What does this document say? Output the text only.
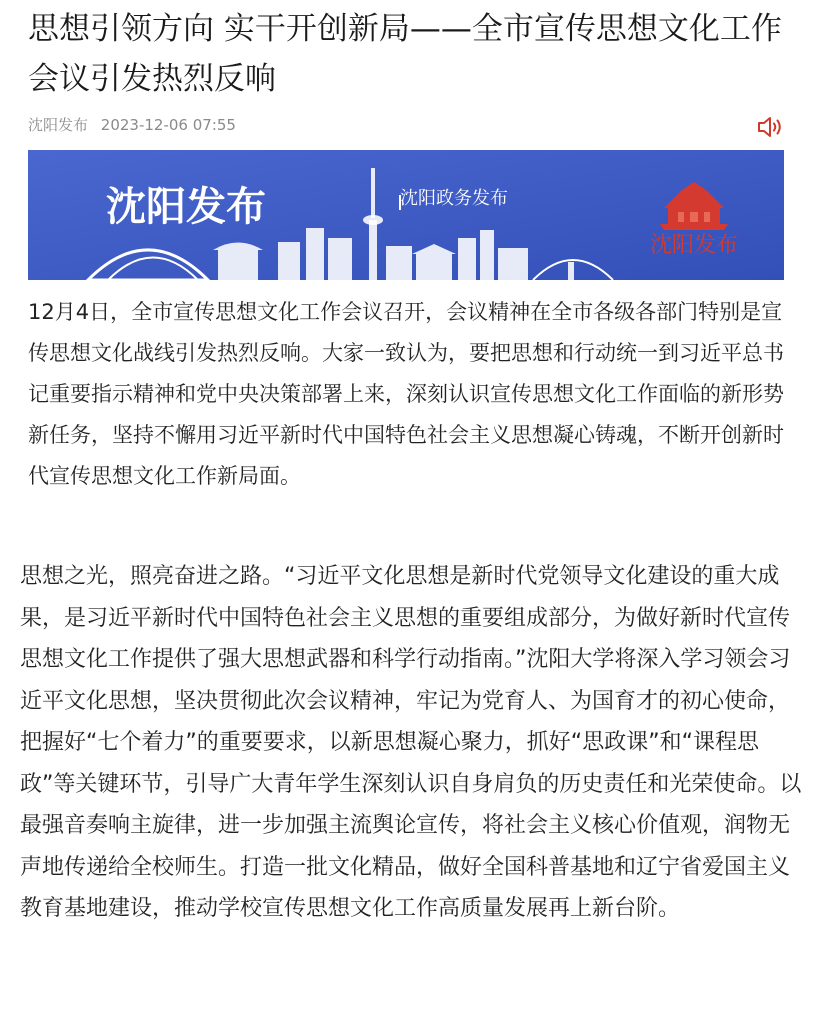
思想引领方向 实干开创新局——全市宣传思想文化工作会议引发热烈反响
沈阳发布 2023-12-06 07:55
沈阳发布	沈阳政务发布
沈阳发布

12月4日，全市宣传思想文化工作会议召开，会议精神在全市各级各部门特别是宣传思想文化战线引发热烈反响。大家一致认为，要把思想和行动统一到习近平总书记重要指示精神和党中央决策部署上来，深刻认识宣传思想文化工作面临的新形势新任务，坚持不懈用习近平新时代中国特色社会主义思想凝心铸魂，不断开创新时代宣传思想文化工作新局面。

思想之光，照亮奋进之路。“习近平文化思想是新时代党领导文化建设的重大成果，是习近平新时代中国特色社会主义思想的重要组成部分，为做好新时代宣传思想文化工作提供了强大思想武器和科学行动指南。”沈阳大学将深入学习领会习近平文化思想，坚决贯彻此次会议精神，牢记为党育人、为国育才的初心使命，把握好“七个着力”的重要要求，以新思想凝心聚力，抓好“思政课”和“课程思政”等关键环节，引导广大青年学生深刻认识自身肩负的历史责任和光荣使命。以最强音奏响主旋律，进一步加强主流舆论宣传，将社会主义核心价值观，润物无声地传递给全校师生。打造一批文化精品，做好全国科普基地和辽宁省爱国主义教育基地建设，推动学校宣传思想文化工作高质量发展再上新台阶。
